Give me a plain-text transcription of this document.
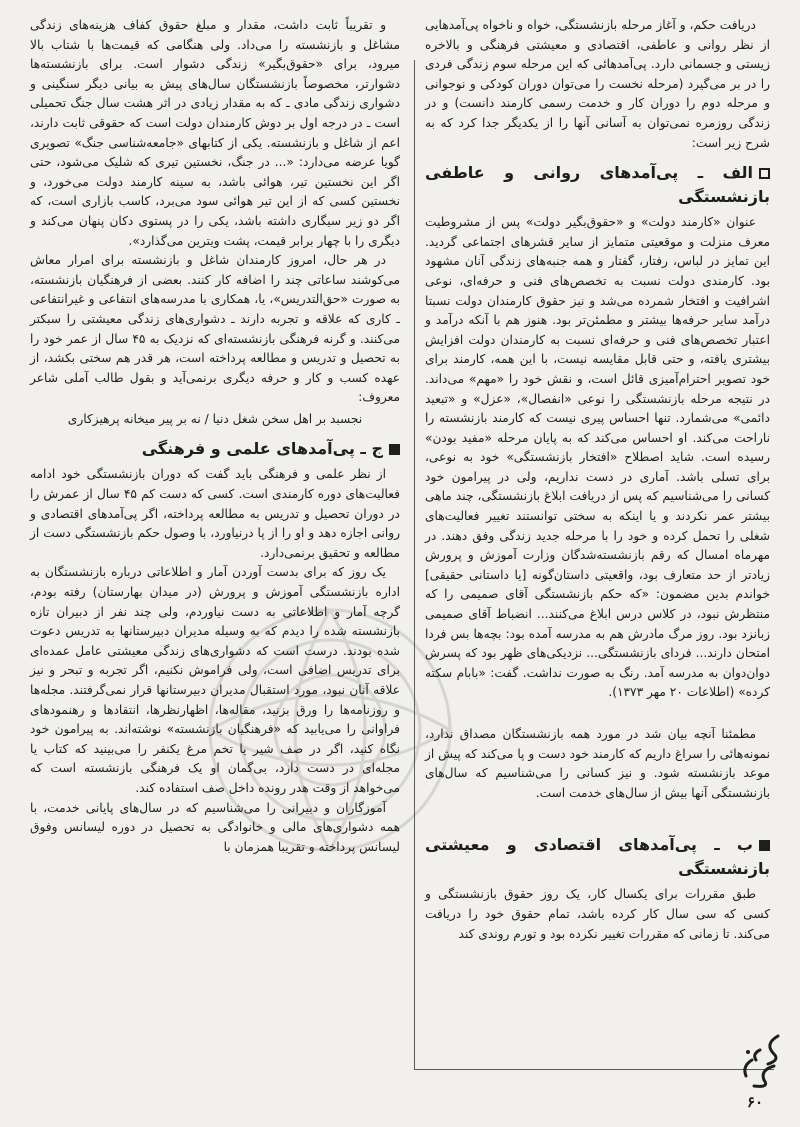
دریافت حکم، و آغاز مرحله بازنشستگی، خواه و ناخواه پی‌آمدهایی از نظر روانی و عاطفی، اقتصادی و معیشتی فرهنگی و بالاخره زیستی و جسمانی دارد. پی‌آمدهائی که این مرحله سوم زندگی فردی را در بر می‌گیرد (مرحله نخست را می‌توان دوران کودکی و نوجوانی و مرحله دوم را دوران کار و خدمت رسمی کارمند دانست) و در زندگی روزمره نمی‌توان به آسانی آنها را از یکدیگر جدا کرد که به شرح زیر است:

الف ـ پی‌آمدهای روانی و عاطفی بازنشستگی

عنوان «کارمند دولت» و «حقوق‌بگیر دولت» پس از مشروطیت معرف منزلت و موقعیتی متمایز از سایر قشرهای اجتماعی گردید. این تمایز در لباس، رفتار، گفتار و همه جنبه‌های زندگی آنان مشهود بود. کارمندی دولت نسبت به تخصص‌های فنی و حرفه‌ای، نوعی اشرافیت و افتخار شمرده می‌شد و نیز حقوق کارمندان دولت نسبتا درآمد سایر حرفه‌ها بیشتر و مطمئن‌تر بود. هنوز هم با آنکه درآمد و اعتبار تخصص‌های فنی و حرفه‌ای نسبت به کارمندان دولت افزایش بیشتری یافته، و حتی قابل مقایسه نیست، با این همه، کارمند برای خود تصویر احترام‌آمیزی قائل است، و نقش خود را «مهم» می‌داند. در نتیجه مرحله بازنشستگی را نوعی «انفصال»، «عزل» و «تبعید دائمی» می‌شمارد. تنها احساس پیری نیست که کارمند بازنشسته را ناراحت می‌کند. او احساس می‌کند که به پایان مرحله «مفید بودن» رسیده است. شاید اصطلاح «افتخار بازنشستگی» خود به نوعی، برای تسلی باشد. آماری در دست نداریم، ولی در پیرامون خود کسانی را می‌شناسیم که پس از دریافت ابلاغ بازنشستگی، چند ماهی بیشتر عمر نکردند و یا اینکه به سختی توانستند تغییر فعالیت‌های شغلی را تحمل کرده و خود را با مرحله جدید زندگی وفق دهند. در مهرماه امسال که رقم بازنشسته‌شدگان وزارت آموزش و پرورش زیادتر از حد متعارف بود، واقعیتی داستان‌گونه [یا داستانی حقیقی] خواندم بدین مضمون: «که حکم بازنشستگی آقای صمیمی را که منتظرش نبود، در کلاس درس ابلاغ می‌کنند... انضباط آقای صمیمی زبانزد بود. روز مرگ مادرش هم به مدرسه آمده بود: بچه‌ها بس فردا امتحان دارند... فردای بازنشستگی... نزدیکی‌های ظهر بود که پسرش دوان‌دوان به مدرسه آمد. رنگ به صورت نداشت. گفت: «بابام سکته کرده» (اطلاعات ۲۰ مهر ۱۳۷۳).

مطمئنا آنچه بیان شد در مورد همه بازنشستگان مصداق ندارد، نمونه‌هائی را سراغ داریم که کارمند خود دست و پا می‌کند که پیش از موعد بازنشسته شود. و نیز کسانی را می‌شناسیم که سال‌های بازنشستگی آنها بیش از سال‌های خدمت است.

ب ـ پی‌آمدهای اقتصادی و معیشتی بازنشستگی

طبق مقررات برای یکسال کار، یک روز حقوق بازنشستگی و کسی که سی سال کار کرده باشد، تمام حقوق خود را دریافت می‌کند. تا زمانی که مقررات تغییر نکرده بود و تورم روندی کند

و تقریباً ثابت داشت، مقدار و مبلغ حقوق کفاف هزینه‌های زندگی مشاغل و بازنشسته را می‌داد. ولی هنگامی که قیمت‌ها با شتاب بالا میرود، برای «حقوق‌بگیر» زندگی دشوار است. برای بازنشسته‌ها دشوارتر، مخصوصاً بازنشستگان سال‌های پیش به بیانی دیگر سنگینی و دشواری زندگی مادی ـ که به مقدار زیادی در اثر هشت سال جنگ تحمیلی است ـ در درجه اول بر دوش کارمندان دولت است که حقوقی ثابت دارند، اعم از شاغل و بازنشسته. یکی از کتابهای «جامعه‌شناسی جنگ» تصویری گویا عرضه می‌دارد: «... در جنگ، نخستین تیری که شلیک می‌شود، حتی اگر این نخستین تیر، هوائی باشد، به سینه کارمند دولت می‌خورد، و نخستین کسی که از این تیر هوائی سود می‌برد، کاسب بازاری است، که اگر دو زیر سیگاری داشته باشد، یکی را در پستوی دکان پنهان می‌کند و دیگری را با چهار برابر قیمت، پشت ویترین می‌گذارد».

در هر حال، امروز کارمندان شاغل و بازنشسته برای امرار معاش می‌کوشند ساعاتی چند را اضافه کار کنند. بعضی از فرهنگیان بازنشسته، به صورت «حق‌التدریس»، یا، همکاری با مدرسه‌های انتفاعی و غیرانتفاعی ـ کاری که علاقه و تجربه دارند ـ دشواری‌های زندگی معیشتی را سبکتر می‌کنند. و گرنه فرهنگی بازنشسته‌ای که نزدیک به ۴۵ سال از عمر خود را به تحصیل و تدریس و مطالعه پرداخته است، هر قدر هم سختی بکشد، از عهده کسب و کار و حرفه دیگری برنمی‌آید و بقول طالب آملی شاعر معروف:

نجسبد بر اهل سخن شغل دنیا / نه بر پیر میخانه پرهیزکاری

ج ـ پی‌آمدهای علمی و فرهنگی

از نظر علمی و فرهنگی باید گفت که دوران بازنشستگی خود ادامه فعالیت‌های دوره کارمندی است. کسی که دست کم ۴۵ سال از عمرش را در دوران تحصیل و تدریس به مطالعه پرداخته، اگر پی‌آمدهای اقتصادی و روانی اجازه دهد و او را از پا درنیاورد، با وصول حکم بازنشستگی دست از مطالعه و تحقیق برنمی‌دارد.

یک روز که برای بدست آوردن آمار و اطلاعاتی درباره بازنشستگان به اداره بازنشستگی آموزش و پرورش (در میدان بهارستان) رفته بودم، گرچه آمار و اطلاعاتی به دست نیاوردم، ولی چند نفر از دبیران تازه بازنشسته شده را دیدم که به وسیله مدیران دبیرستانها به تدریس دعوت شده بودند. درست است که دشواری‌های زندگی معیشتی عامل عمده‌ای برای تدریس اضافی است، ولی فراموش نکنیم، اگر تجربه و تبحر و نیز علاقه آنان نبود، مورد استقبال مدیران دبیرستانها قرار نمی‌گرفتند. مجله‌ها و روزنامه‌ها را ورق بزنید، مقاله‌ها، اظهارنظرها، انتقادها و رهنمودهای فراوانی را می‌یابید که «فرهنگیان بازنشسته» نوشته‌اند. به پیرامون خود نگاه کنید، اگر در صف شیر یا تخم مرغ یکنفر را می‌بینید که کتاب یا مجله‌ای در دست دارد، بی‌گمان او یک فرهنگی بازنشسته است که می‌خواهد از وقت هدر رونده داخل صف استفاده کند.

آموزگاران و دبیرانی را می‌شناسیم که در سال‌های پایانی خدمت، با همه دشواری‌های مالی و خانوادگی به تحصیل در دوره لیسانس وفوق لیسانس پرداخته و تقریبا همزمان با

۶۰
